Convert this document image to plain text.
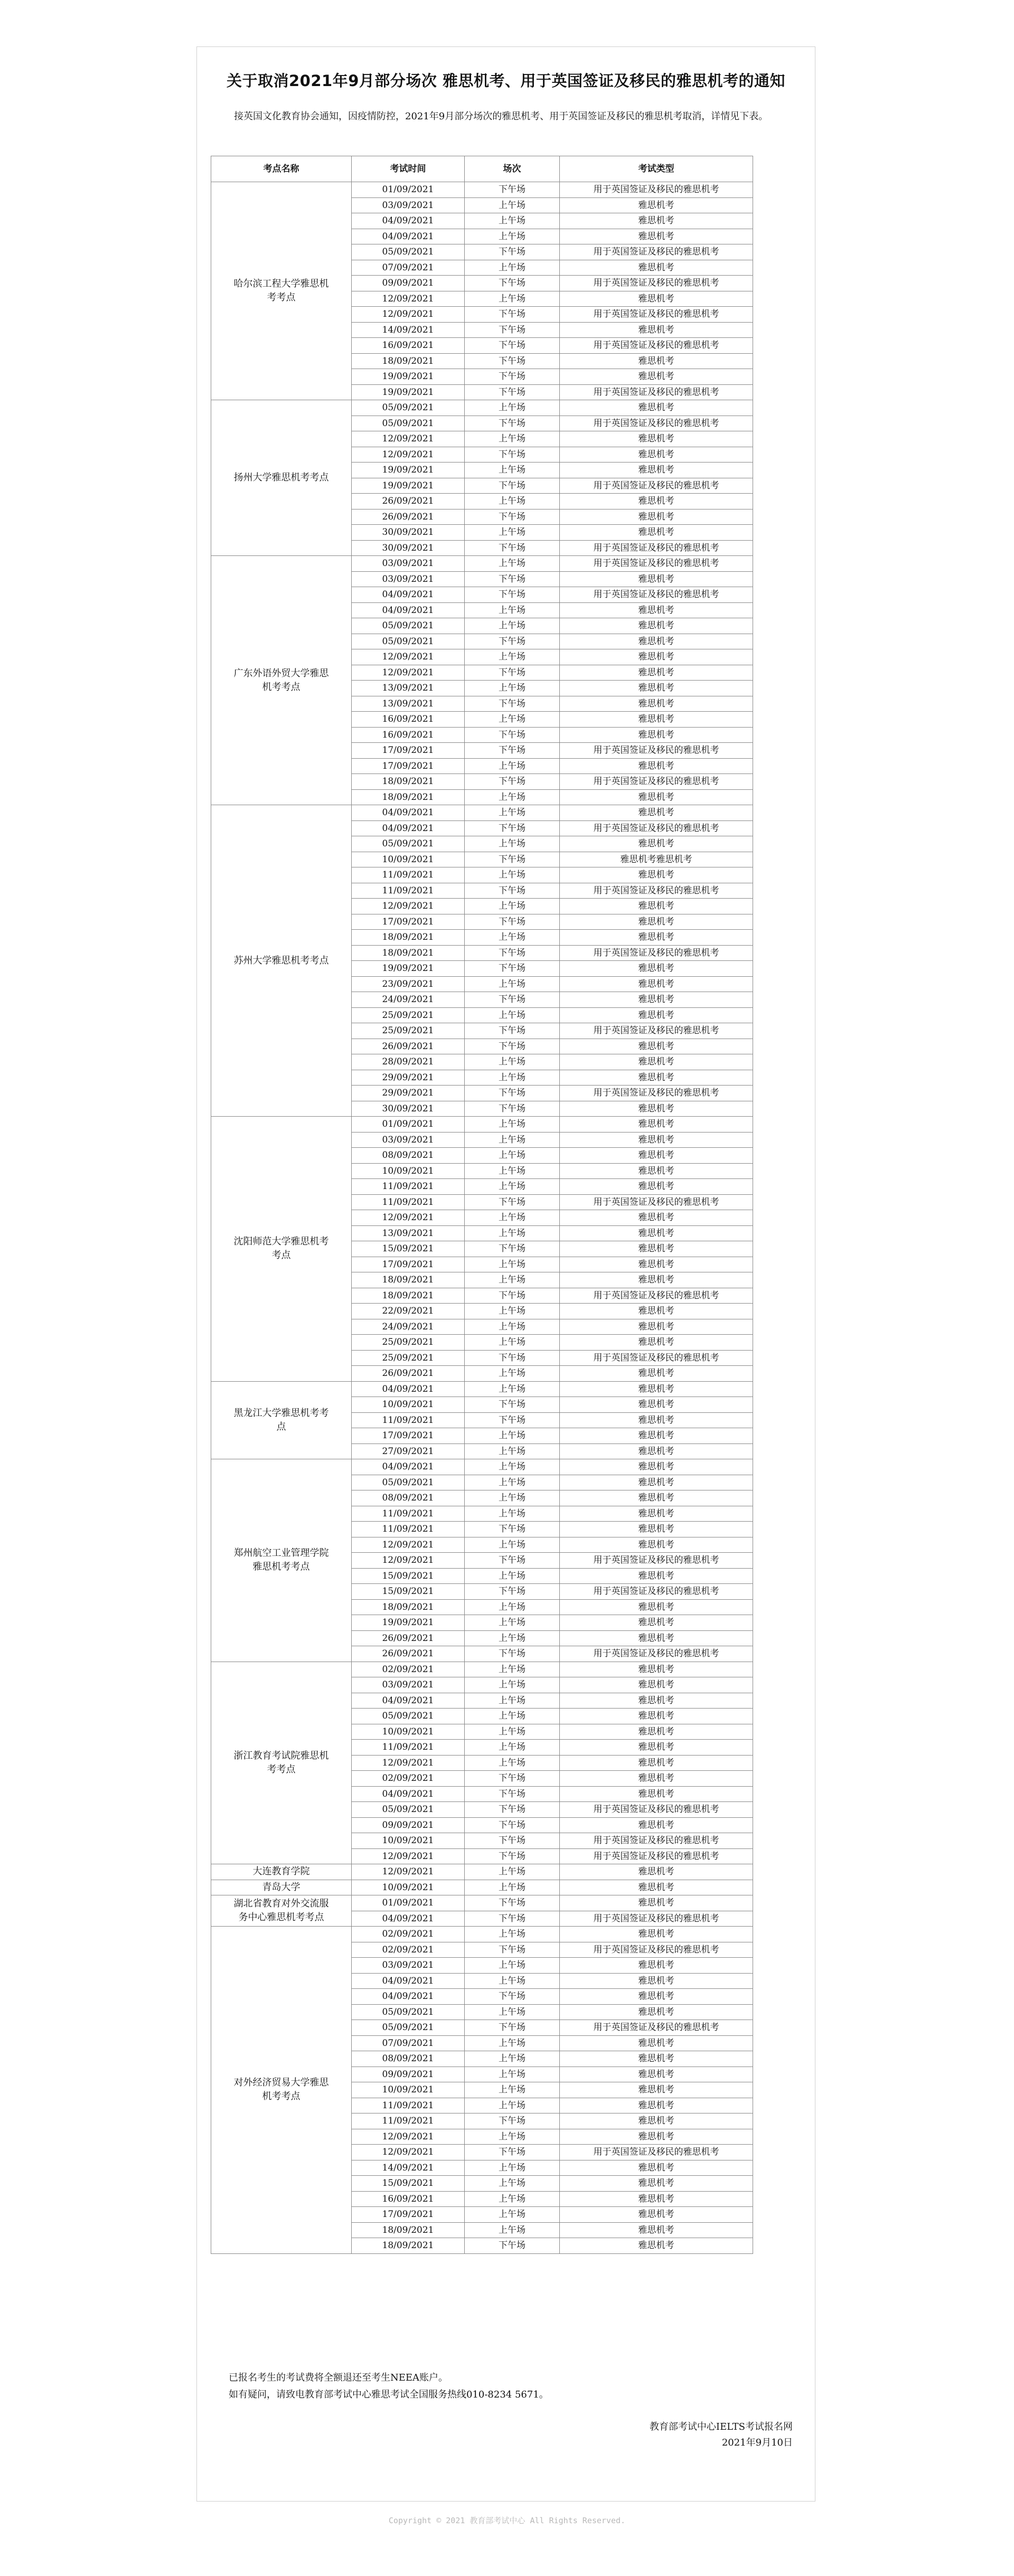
关于取消2021年9月部分场次 雅思机考、用于英国签证及移民的雅思机考的通知

接英国文化教育协会通知，因疫情防控，2021年9月部分场次的雅思机考、用于英国签证及移民的雅思机考取消，详情见下表。

考点名称	考试时间	场次	考试类型
哈尔滨工程大学雅思机考考点	01/09/2021	下午场	用于英国签证及移民的雅思机考
	03/09/2021	上午场	雅思机考
	04/09/2021	上午场	雅思机考
	04/09/2021	上午场	雅思机考
	05/09/2021	下午场	用于英国签证及移民的雅思机考
	07/09/2021	上午场	雅思机考
	09/09/2021	下午场	用于英国签证及移民的雅思机考
	12/09/2021	上午场	雅思机考
	12/09/2021	下午场	用于英国签证及移民的雅思机考
	14/09/2021	下午场	雅思机考
	16/09/2021	下午场	用于英国签证及移民的雅思机考
	18/09/2021	下午场	雅思机考
	19/09/2021	下午场	雅思机考
	19/09/2021	下午场	用于英国签证及移民的雅思机考
扬州大学雅思机考考点	05/09/2021	上午场	雅思机考
	05/09/2021	下午场	用于英国签证及移民的雅思机考
	12/09/2021	上午场	雅思机考
	12/09/2021	下午场	雅思机考
	19/09/2021	上午场	雅思机考
	19/09/2021	下午场	用于英国签证及移民的雅思机考
	26/09/2021	上午场	雅思机考
	26/09/2021	下午场	雅思机考
	30/09/2021	上午场	雅思机考
	30/09/2021	下午场	用于英国签证及移民的雅思机考
广东外语外贸大学雅思机考考点	03/09/2021	上午场	用于英国签证及移民的雅思机考
	03/09/2021	下午场	雅思机考
	04/09/2021	下午场	用于英国签证及移民的雅思机考
	04/09/2021	上午场	雅思机考
	05/09/2021	上午场	雅思机考
	05/09/2021	下午场	雅思机考
	12/09/2021	上午场	雅思机考
	12/09/2021	下午场	雅思机考
	13/09/2021	上午场	雅思机考
	13/09/2021	下午场	雅思机考
	16/09/2021	上午场	雅思机考
	16/09/2021	下午场	雅思机考
	17/09/2021	下午场	用于英国签证及移民的雅思机考
	17/09/2021	上午场	雅思机考
	18/09/2021	下午场	用于英国签证及移民的雅思机考
	18/09/2021	上午场	雅思机考
苏州大学雅思机考考点	04/09/2021	上午场	雅思机考
	04/09/2021	下午场	用于英国签证及移民的雅思机考
	05/09/2021	上午场	雅思机考
	10/09/2021	下午场	雅思机考雅思机考
	11/09/2021	上午场	雅思机考
	11/09/2021	下午场	用于英国签证及移民的雅思机考
	12/09/2021	上午场	雅思机考
	17/09/2021	下午场	雅思机考
	18/09/2021	上午场	雅思机考
	18/09/2021	下午场	用于英国签证及移民的雅思机考
	19/09/2021	下午场	雅思机考
	23/09/2021	上午场	雅思机考
	24/09/2021	下午场	雅思机考
	25/09/2021	上午场	雅思机考
	25/09/2021	下午场	用于英国签证及移民的雅思机考
	26/09/2021	下午场	雅思机考
	28/09/2021	上午场	雅思机考
	29/09/2021	上午场	雅思机考
	29/09/2021	下午场	用于英国签证及移民的雅思机考
	30/09/2021	下午场	雅思机考
沈阳师范大学雅思机考考点	01/09/2021	上午场	雅思机考
	03/09/2021	上午场	雅思机考
	08/09/2021	上午场	雅思机考
	10/09/2021	上午场	雅思机考
	11/09/2021	上午场	雅思机考
	11/09/2021	下午场	用于英国签证及移民的雅思机考
	12/09/2021	上午场	雅思机考
	13/09/2021	上午场	雅思机考
	15/09/2021	下午场	雅思机考
	17/09/2021	上午场	雅思机考
	18/09/2021	上午场	雅思机考
	18/09/2021	下午场	用于英国签证及移民的雅思机考
	22/09/2021	上午场	雅思机考
	24/09/2021	上午场	雅思机考
	25/09/2021	上午场	雅思机考
	25/09/2021	下午场	用于英国签证及移民的雅思机考
	26/09/2021	上午场	雅思机考
黑龙江大学雅思机考考点	04/09/2021	上午场	雅思机考
	10/09/2021	下午场	雅思机考
	11/09/2021	下午场	雅思机考
	17/09/2021	上午场	雅思机考
	27/09/2021	上午场	雅思机考
郑州航空工业管理学院雅思机考考点	04/09/2021	上午场	雅思机考
	05/09/2021	上午场	雅思机考
	08/09/2021	上午场	雅思机考
	11/09/2021	上午场	雅思机考
	11/09/2021	下午场	雅思机考
	12/09/2021	上午场	雅思机考
	12/09/2021	下午场	用于英国签证及移民的雅思机考
	15/09/2021	上午场	雅思机考
	15/09/2021	下午场	用于英国签证及移民的雅思机考
	18/09/2021	上午场	雅思机考
	19/09/2021	上午场	雅思机考
	26/09/2021	上午场	雅思机考
	26/09/2021	下午场	用于英国签证及移民的雅思机考
浙江教育考试院雅思机考考点	02/09/2021	上午场	雅思机考
	03/09/2021	上午场	雅思机考
	04/09/2021	上午场	雅思机考
	05/09/2021	上午场	雅思机考
	10/09/2021	上午场	雅思机考
	11/09/2021	上午场	雅思机考
	12/09/2021	上午场	雅思机考
	02/09/2021	下午场	雅思机考
	04/09/2021	下午场	雅思机考
	05/09/2021	下午场	用于英国签证及移民的雅思机考
	09/09/2021	下午场	雅思机考
	10/09/2021	下午场	用于英国签证及移民的雅思机考
	12/09/2021	下午场	用于英国签证及移民的雅思机考
大连教育学院	12/09/2021	上午场	雅思机考
青岛大学	10/09/2021	上午场	雅思机考
湖北省教育对外交流服务中心雅思机考考点	01/09/2021	下午场	雅思机考
	04/09/2021	下午场	用于英国签证及移民的雅思机考
对外经济贸易大学雅思机考考点	02/09/2021	上午场	雅思机考
	02/09/2021	下午场	用于英国签证及移民的雅思机考
	03/09/2021	上午场	雅思机考
	04/09/2021	上午场	雅思机考
	04/09/2021	下午场	雅思机考
	05/09/2021	上午场	雅思机考
	05/09/2021	下午场	用于英国签证及移民的雅思机考
	07/09/2021	上午场	雅思机考
	08/09/2021	上午场	雅思机考
	09/09/2021	上午场	雅思机考
	10/09/2021	上午场	雅思机考
	11/09/2021	上午场	雅思机考
	11/09/2021	下午场	雅思机考
	12/09/2021	上午场	雅思机考
	12/09/2021	下午场	用于英国签证及移民的雅思机考
	14/09/2021	上午场	雅思机考
	15/09/2021	上午场	雅思机考
	16/09/2021	上午场	雅思机考
	17/09/2021	上午场	雅思机考
	18/09/2021	上午场	雅思机考
	18/09/2021	下午场	雅思机考
已报名考生的考试费将全额退还至考生NEEA账户。
如有疑问，请致电教育部考试中心雅思考试全国服务热线010-8234 5671。
教育部考试中心IELTS考试报名网
2021年9月10日
Copyright © 2021 教育部考试中心 All Rights Reserved.
